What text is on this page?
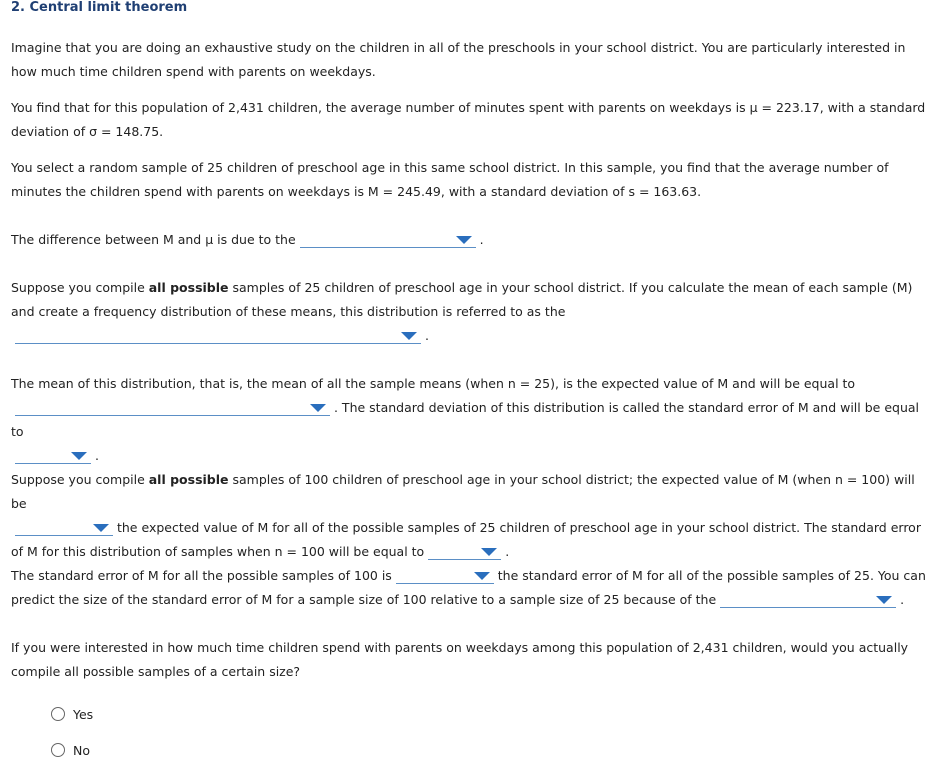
2. Central limit theorem

Imagine that you are doing an exhaustive study on the children in all of the preschools in your school district. You are particularly interested in how much time children spend with parents on weekdays.

You find that for this population of 2,431 children, the average number of minutes spent with parents on weekdays is μ = 223.17, with a standard deviation of σ = 148.75.

You select a random sample of 25 children of preschool age in this same school district. In this sample, you find that the average number of minutes the children spend with parents on weekdays is M = 245.49, with a standard deviation of s = 163.63.

The difference between M and μ is due to the	.

Suppose you compile all possible samples of 25 children of preschool age in your school district. If you calculate the mean of each sample (M) and create a frequency distribution of these means, this distribution is referred to as the

.

The mean of this distribution, that is, the mean of all the sample means (when n = 25), is the expected value of M and will be equal to

. The standard deviation of this distribution is called the standard error of M and will be equal to

.

Suppose you compile all possible samples of 100 children of preschool age in your school district; the expected value of M (when n = 100) will be

the expected value of M for all of the possible samples of 25 children of preschool age in your school district. The standard error of M for this distribution of samples when n = 100 will be equal to	.

The standard error of M for all the possible samples of 100 is	the standard error of M for all of the possible samples of 25. You can predict the size of the standard error of M for a sample size of 100 relative to a sample size of 25 because of the	.

If you were interested in how much time children spend with parents on weekdays among this population of 2,431 children, would you actually compile all possible samples of a certain size?

Yes
No
